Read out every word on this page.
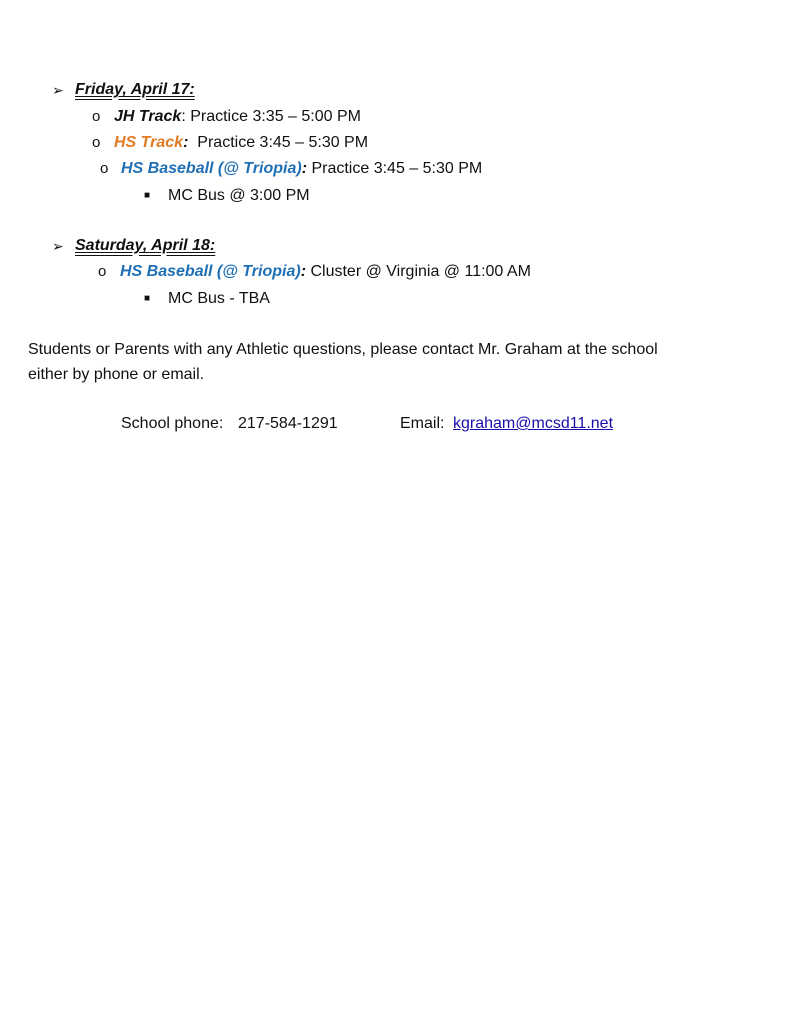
➢ Friday, April 17:
o JH Track: Practice 3:35 – 5:00 PM
o HS Track:  Practice 3:45 – 5:30 PM
o HS Baseball (@ Triopia): Practice 3:45 – 5:30 PM
■ MC Bus @ 3:00 PM
➢ Saturday, April 18:
o HS Baseball (@ Triopia): Cluster @ Virginia @ 11:00 AM
■ MC Bus - TBA
Students or Parents with any Athletic questions, please contact Mr. Graham at the school
either by phone or email.
School phone: 217-584-1291	Email: kgraham@mcsd11.net
